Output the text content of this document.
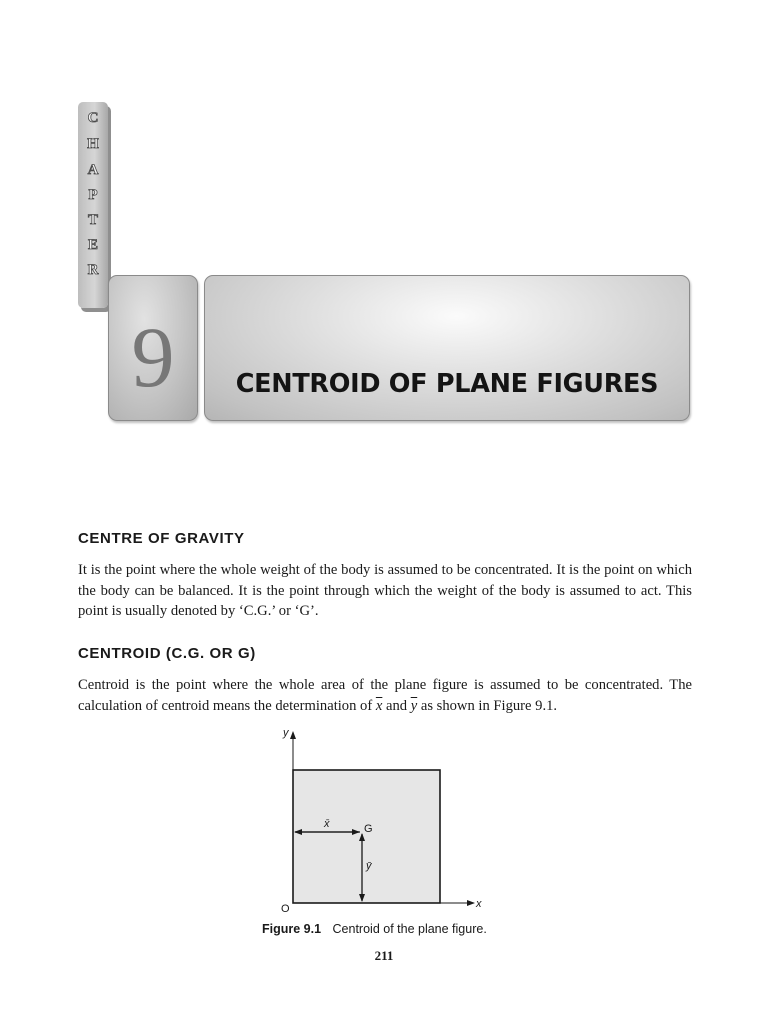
C
H
A
P
T
E
R
9	CENTROID OF PLANE FIGURES
CENTRE OF GRAVITY

It is the point where the whole weight of the body is assumed to be concentrated. It is the point on which the body can be balanced. It is the point through which the weight of the body is assumed to act. This point is usually denoted by ‘C.G.’ or ‘G’.

CENTROID (C.G. OR G)

Centroid is the point where the whole area of the plane figure is assumed to be concentrated. The calculation of centroid means the determination of $\overline{x}$ and $\overline{y}$ as shown in Figure 9.1.

y
x
O
G
x̄
ȳ
Figure 9.1 Centroid of the plane figure.
211
